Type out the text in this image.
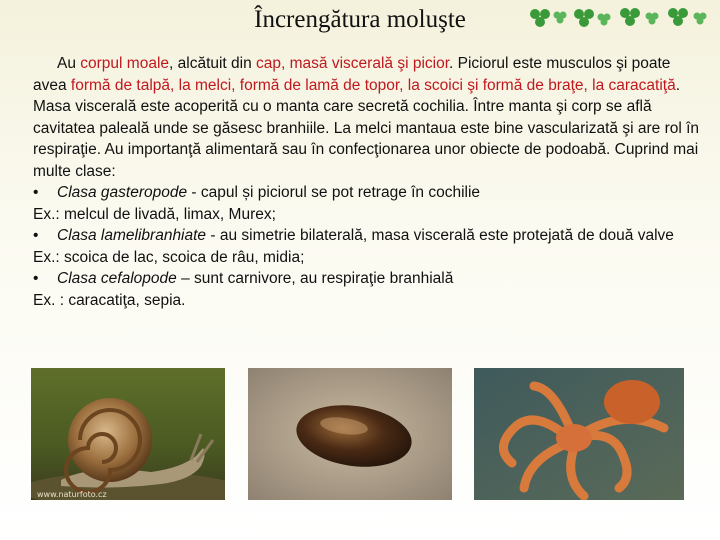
Încrengătura moluşte

Au corpul moale, alcătuit din cap, masă viscerală şi picior. Piciorul este musculos şi poate avea formă de talpă, la melci, formă de lamă de topor, la scoici şi formă de braţe, la caracatiţă. Masa viscerală este acoperită cu o manta care secretă cochilia. Între manta şi corp se află cavitatea paleală unde se găsesc branhiile. La melci mantaua este bine vascularizată şi are rol în respiraţie. Au importanţă alimentară sau în confecţionarea unor obiecte de podoabă. Cuprind mai multe clase:

• Clasa gasteropode - capul și piciorul se pot retrage în cochilie

Ex.: melcul de livadă, limax, Murex;

• Clasa lamelibranhiate - au simetrie bilaterală, masa viscerală este protejată de două valve

Ex.: scoica de lac, scoica de râu, midia;

• Clasa cefalopode – sunt carnivore, au respiraţie branhială

Ex. : caracatiţa, sepia.

www.naturfoto.cz
